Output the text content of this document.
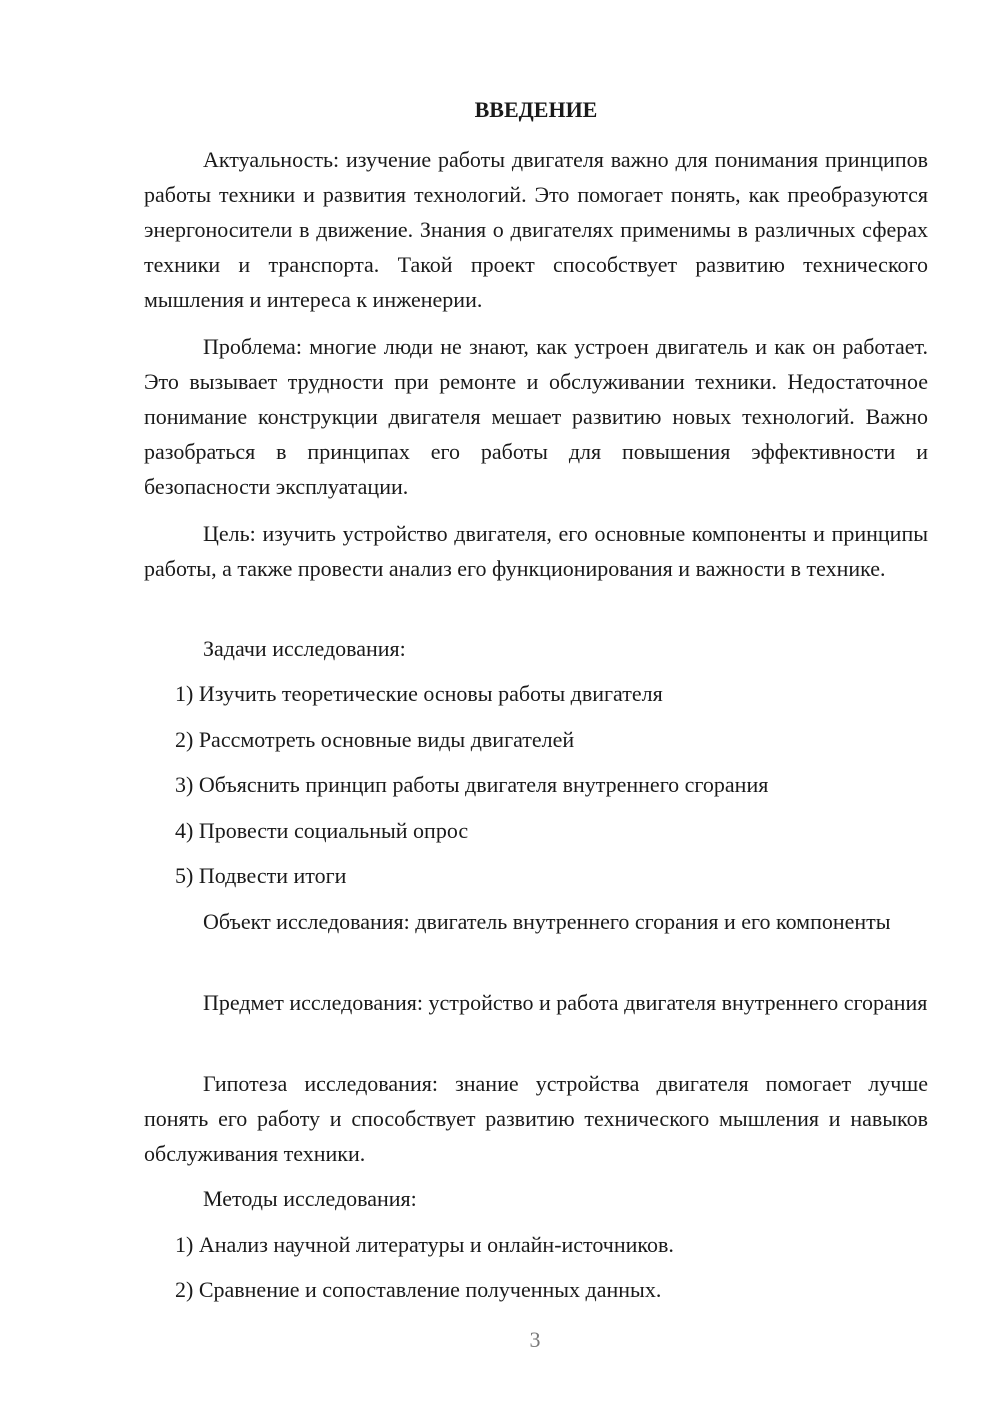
ВВЕДЕНИЕ

Актуальность: изучение работы двигателя важно для понимания принципов работы техники и развития технологий. Это помогает понять, как преобразуются энергоносители в движение. Знания о двигателях применимы в различных сферах техники и транспорта. Такой проект способствует развитию технического мышления и интереса к инженерии.

Проблема: многие люди не знают, как устроен двигатель и как он работает. Это вызывает трудности при ремонте и обслуживании техники. Недостаточное понимание конструкции двигателя мешает развитию новых технологий. Важно разобраться в принципах его работы для повышения эффективности и безопасности эксплуатации.

Цель: изучить устройство двигателя, его основные компоненты и принципы работы, а также провести анализ его функционирования и важности в технике.

Задачи исследования:
1) Изучить теоретические основы работы двигателя
2) Рассмотреть основные виды двигателей
3) Объяснить принцип работы двигателя внутреннего сгорания
4) Провести социальный опрос
5) Подвести итоги

Объект исследования: двигатель внутреннего сгорания и его компоненты

Предмет исследования: устройство и работа двигателя внутреннего сгорания

Гипотеза исследования: знание устройства двигателя помогает лучше понять его работу и способствует развитию технического мышления и навыков обслуживания техники.

Методы исследования:
1) Анализ научной литературы и онлайн-источников.
2) Сравнение и сопоставление полученных данных.
3
